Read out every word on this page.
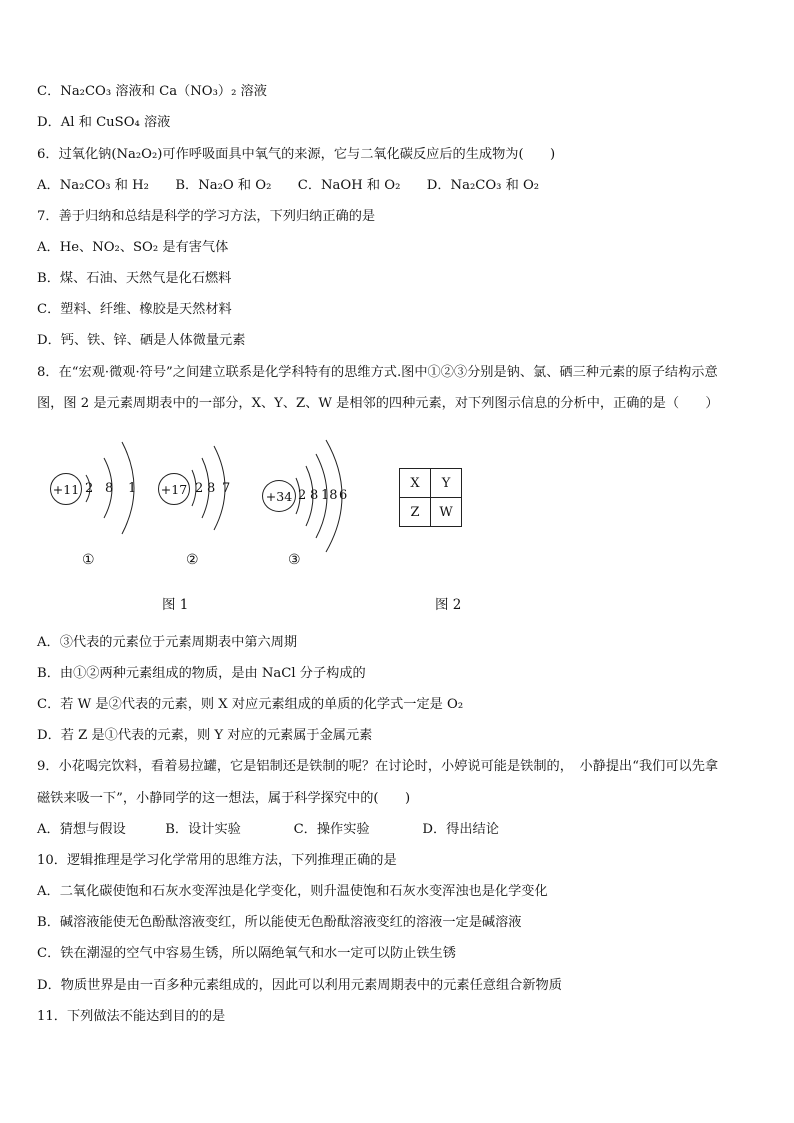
C．Na₂CO₃ 溶液和 Ca（NO₃）₂ 溶液
D．Al 和 CuSO₄ 溶液
6．过氧化钠(Na₂O₂)可作呼吸面具中氧气的来源，它与二氧化碳反应后的生成物为(　　)
A．Na₂CO₃ 和 H₂　　B．Na₂O 和 O₂　　C．NaOH 和 O₂　　D．Na₂CO₃ 和 O₂
7．善于归纳和总结是科学的学习方法，下列归纳正确的是
A．He、NO₂、SO₂ 是有害气体
B．煤、石油、天然气是化石燃料
C．塑料、纤维、橡胶是天然材料
D．钙、铁、锌、硒是人体微量元素
8．在“宏观·微观·符号”之间建立联系是化学科特有的思维方式.图中①②③分别是钠、氯、硒三种元素的原子结构示意
图，图 2 是元素周期表中的一部分，X、Y、Z、W 是相邻的四种元素，对下列图示信息的分析中，正确的是（　　）
+11 2 8 1
①
+17 2 8 7
②
+34 2 8 18 6
③
图 1
X	Y
Z	W
图 2
A．③代表的元素位于元素周期表中第六周期
B．由①②两种元素组成的物质，是由 NaCl 分子构成的
C．若 W 是②代表的元素，则 X 对应元素组成的单质的化学式一定是 O₂
D．若 Z 是①代表的元素，则 Y 对应的元素属于金属元素
9．小花喝完饮料，看着易拉罐，它是铝制还是铁制的呢？在讨论时，小婷说可能是铁制的，　小静提出“我们可以先拿
磁铁来吸一下”，小静同学的这一想法，属于科学探究中的(　　)
A．猜想与假设　　　B．设计实验　　　　C．操作实验　　　　D．得出结论
10．逻辑推理是学习化学常用的思维方法，下列推理正确的是
A．二氧化碳使饱和石灰水变浑浊是化学变化，则升温使饱和石灰水变浑浊也是化学变化
B．碱溶液能使无色酚酞溶液变红，所以能使无色酚酞溶液变红的溶液一定是碱溶液
C．铁在潮湿的空气中容易生锈，所以隔绝氧气和水一定可以防止铁生锈
D．物质世界是由一百多种元素组成的，因此可以利用元素周期表中的元素任意组合新物质
11．下列做法不能达到目的的是
